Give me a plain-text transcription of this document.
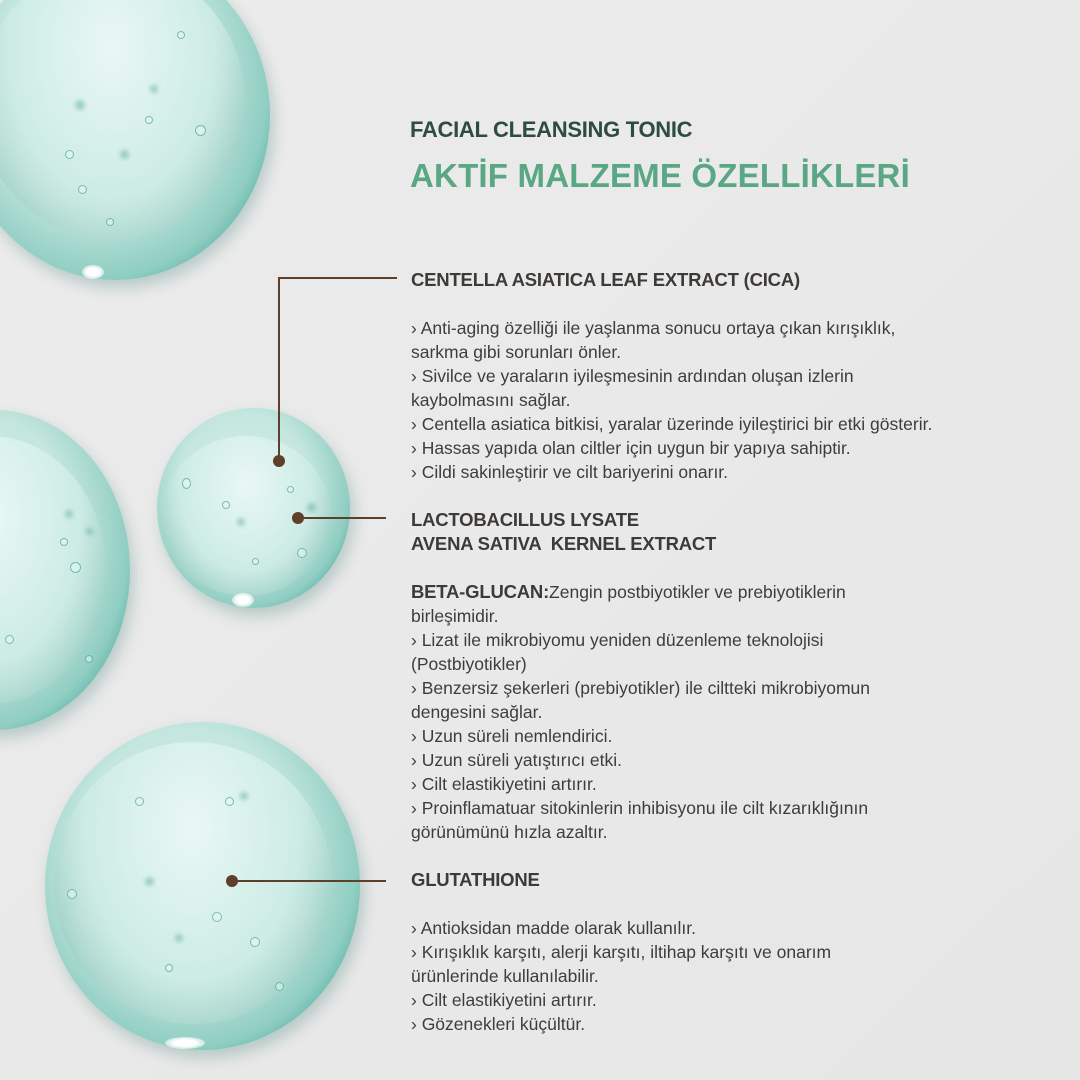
FACIAL CLEANSING TONIC
AKTİF MALZEME ÖZELLİKLERİ
CENTELLA ASIATICA LEAF EXTRACT (CICA)
› Anti-aging özelliği ile yaşlanma sonucu ortaya çıkan kırışıklık,
sarkma gibi sorunları önler.
› Sivilce ve yaraların iyileşmesinin ardından oluşan izlerin
kaybolmasını sağlar.
› Centella asiatica bitkisi, yaralar üzerinde iyileştirici bir etki gösterir.
› Hassas yapıda olan ciltler için uygun bir yapıya sahiptir.
› Cildi sakinleştirir ve cilt bariyerini onarır.
LACTOBACILLUS LYSATE
AVENA SATIVA  KERNEL EXTRACT
BETA-GLUCAN:Zengin postbiyotikler ve prebiyotiklerin
birleşimidir.
› Lizat ile mikrobiyomu yeniden düzenleme teknolojisi
(Postbiyotikler)
› Benzersiz şekerleri (prebiyotikler) ile ciltteki mikrobiyomun
dengesini sağlar.
› Uzun süreli nemlendirici.
› Uzun süreli yatıştırıcı etki.
› Cilt elastikiyetini artırır.
› Proinflamatuar sitokinlerin inhibisyonu ile cilt kızarıklığının
görünümünü hızla azaltır.
GLUTATHIONE
› Antioksidan madde olarak kullanılır.
› Kırışıklık karşıtı, alerji karşıtı, iltihap karşıtı ve onarım
ürünlerinde kullanılabilir.
› Cilt elastikiyetini artırır.
› Gözenekleri küçültür.
